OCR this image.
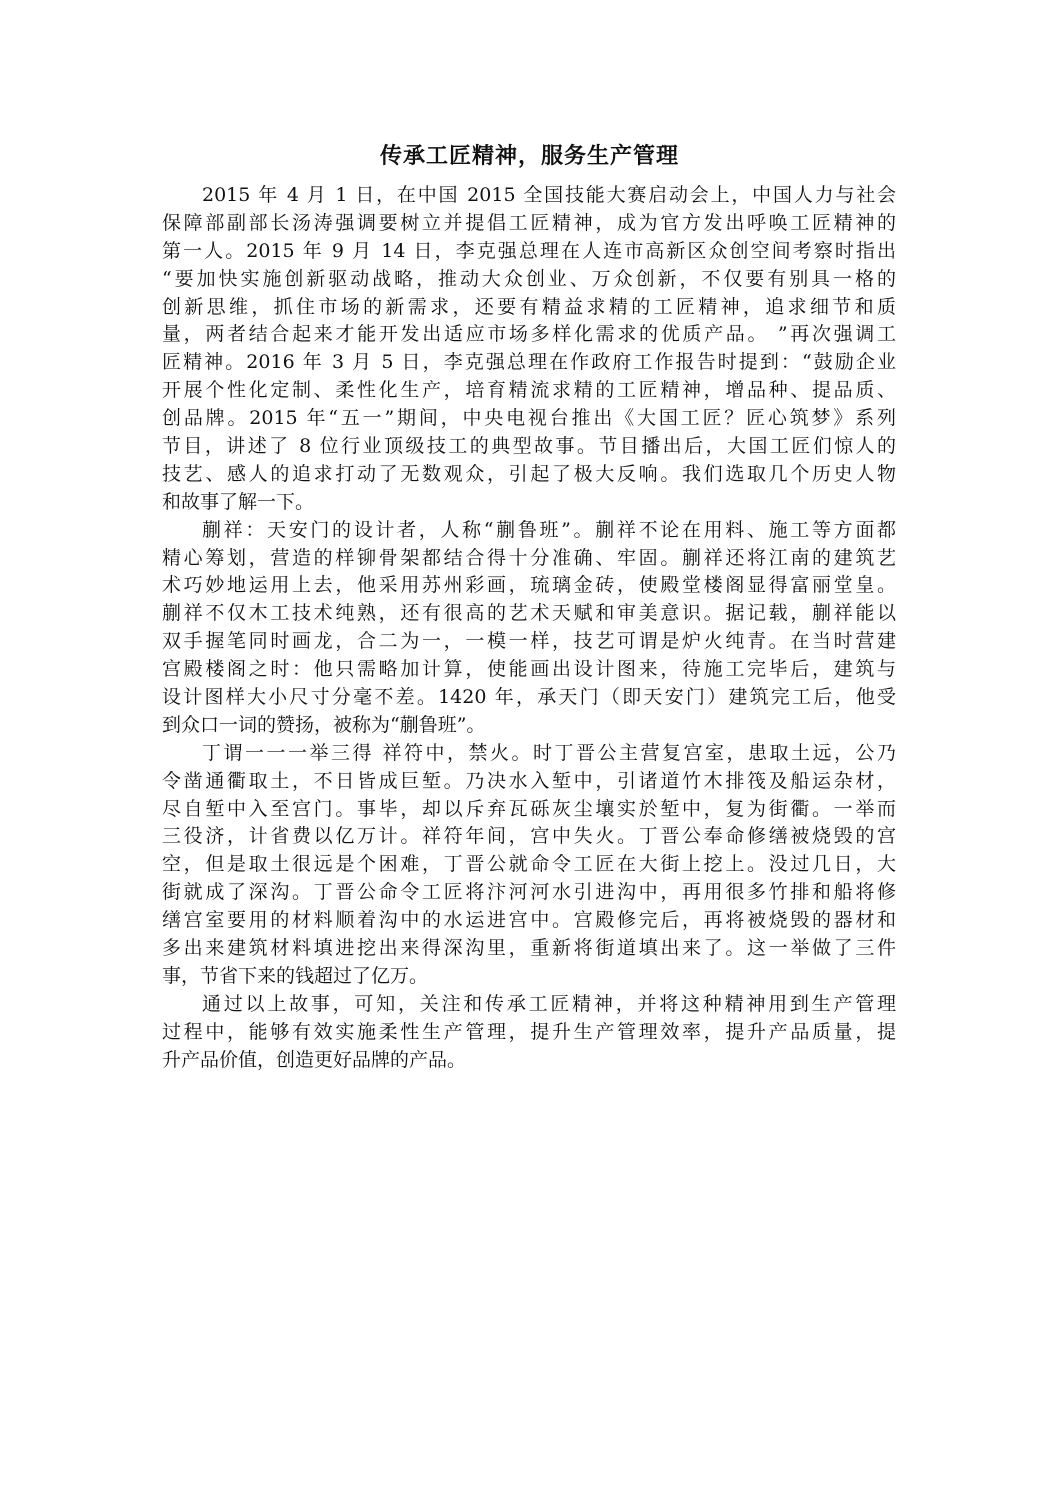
传承工匠精神，服务生产管理

2015 年 4 月 1 日，在中国 2015 全国技能大赛启动会上，中国人力与社会
保障部副部长汤涛强调要树立并提倡工匠精神，成为官方发出呼唤工匠精神的
第一人。2015 年 9 月 14 日，李克强总理在人连市高新区众创空间考察时指出
“要加快实施创新驱动战略，推动大众创业、万众创新，不仅要有别具一格的
创新思维，抓住市场的新需求，还要有精益求精的工匠精神，追求细节和质
量，两者结合起来才能开发出适应市场多样化需求的优质产品。 ”再次强调工
匠精神。2016 年 3 月 5 日，李克强总理在作政府工作报告时提到：“鼓励企业
开展个性化定制、柔性化生产，培育精流求精的工匠精神，增品种、提品质、
创品牌。2015 年“五一”期间，中央电视台推出《大国工匠？匠心筑梦》系列
节目，讲述了 8 位行业顶级技工的典型故事。节目播出后，大国工匠们惊人的
技艺、感人的追求打动了无数观众，引起了极大反响。我们选取几个历史人物
和故事了解一下。

蒯祥：天安门的设计者，人称“蒯鲁班”。蒯祥不论在用料、施工等方面都
精心筹划，营造的样铆骨架都结合得十分准确、牢固。蒯祥还将江南的建筑艺
术巧妙地运用上去，他采用苏州彩画，琉璃金砖，使殿堂楼阁显得富丽堂皇。
蒯祥不仅木工技术纯熟，还有很高的艺术天赋和审美意识。据记载，蒯祥能以
双手握笔同时画龙，合二为一，一模一样，技艺可谓是炉火纯青。在当时营建
宫殿楼阁之时：他只需略加计算，使能画出设计图来，待施工完毕后，建筑与
设计图样大小尺寸分毫不差。1420 年，承天门（即天安门）建筑完工后，他受
到众口一词的赞扬，被称为“蒯鲁班”。

丁谓一一一举三得 祥符中，禁火。时丁晋公主营复宫室，患取土远，公乃
令凿通衢取土，不日皆成巨堑。乃决水入堑中，引诸道竹木排筏及船运杂材，
尽自堑中入至宫门。事毕，却以斥弃瓦砾灰尘壤实於堑中，复为街衢。一举而
三役济，计省费以亿万计。祥符年间，宫中失火。丁晋公奉命修缮被烧毁的宫
空，但是取土很远是个困难，丁晋公就命令工匠在大街上挖上。没过几日，大
街就成了深沟。丁晋公命令工匠将汴河河水引进沟中，再用很多竹排和船将修
缮宫室要用的材料顺着沟中的水运进宫中。宫殿修完后，再将被烧毁的器材和
多出来建筑材料填进挖出来得深沟里，重新将街道填出来了。这一举做了三件
事，节省下来的钱超过了亿万。

通过以上故事，可知，关注和传承工匠精神，并将这种精神用到生产管理
过程中，能够有效实施柔性生产管理，提升生产管理效率，提升产品质量，提
升产品价值，创造更好品牌的产品。
